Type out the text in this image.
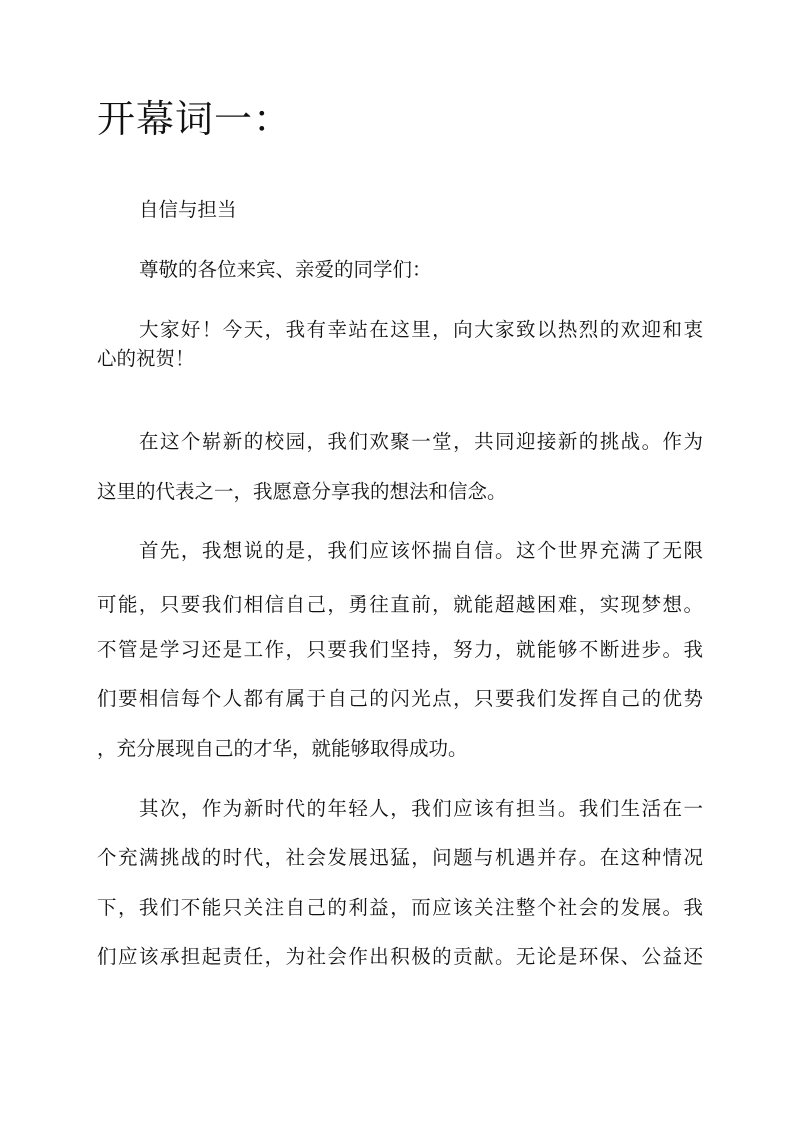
开幕词一：

自信与担当

尊敬的各位来宾、亲爱的同学们：

大家好！今天，我有幸站在这里，向大家致以热烈的欢迎和衷

心的祝贺！

在这个崭新的校园，我们欢聚一堂，共同迎接新的挑战。作为

这里的代表之一，我愿意分享我的想法和信念。

首先，我想说的是，我们应该怀揣自信。这个世界充满了无限

可能，只要我们相信自己，勇往直前，就能超越困难，实现梦想。

不管是学习还是工作，只要我们坚持，努力，就能够不断进步。我

们要相信每个人都有属于自己的闪光点，只要我们发挥自己的优势

，充分展现自己的才华，就能够取得成功。

其次，作为新时代的年轻人，我们应该有担当。我们生活在一

个充满挑战的时代，社会发展迅猛，问题与机遇并存。在这种情况

下，我们不能只关注自己的利益，而应该关注整个社会的发展。我

们应该承担起责任，为社会作出积极的贡献。无论是环保、公益还
